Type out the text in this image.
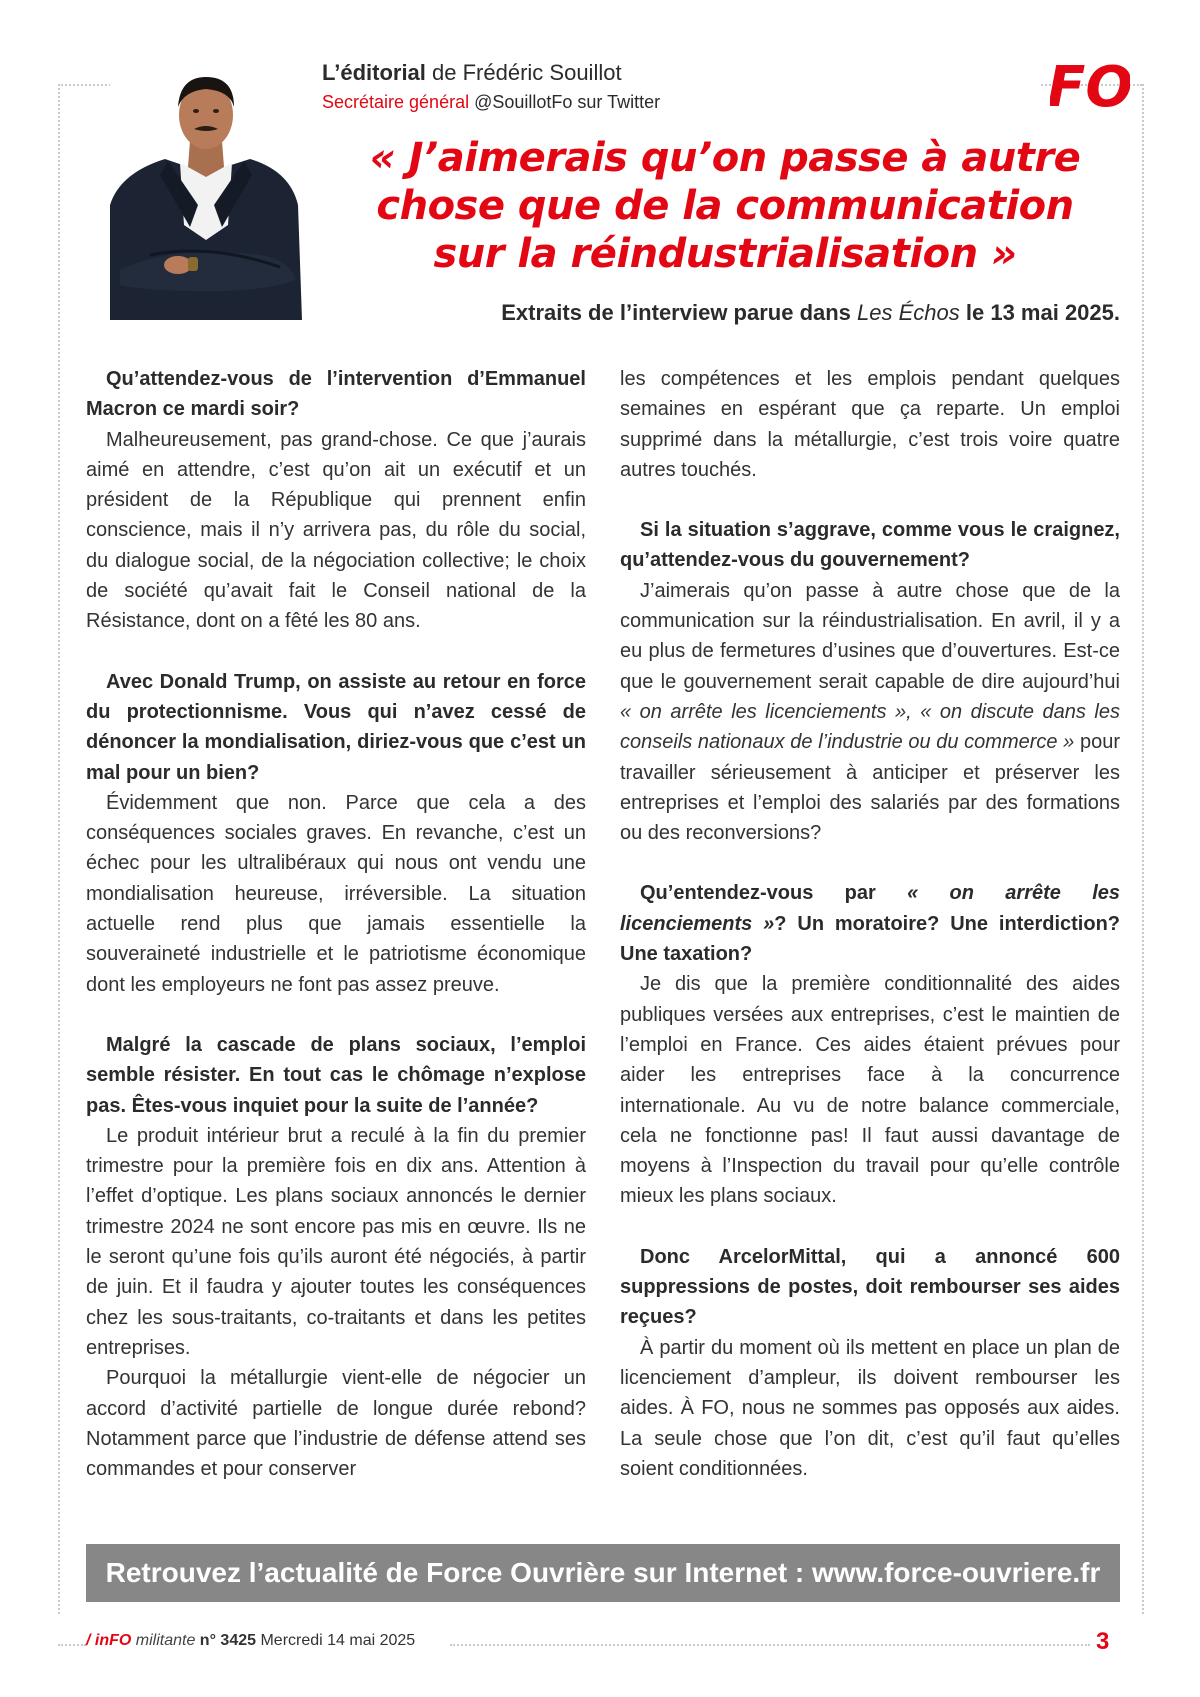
L’éditorial de Frédéric Souillot
Secrétaire général @SouillotFo sur Twitter	FO
« J’aimerais qu’on passe à autre
chose que de la communication
sur la réindustrialisation »
Extraits de l’interview parue dans Les Échos le 13 mai 2025.

Qu’attendez-vous de l’intervention d’Emmanuel Macron ce mardi soir?

Malheureusement, pas grand-chose. Ce que j’aurais aimé en attendre, c’est qu’on ait un exécutif et un président de la République qui prennent enfin conscience, mais il n’y arrivera pas, du rôle du social, du dialogue social, de la négociation collective; le choix de société qu’avait fait le Conseil national de la Résistance, dont on a fêté les 80 ans.

Avec Donald Trump, on assiste au retour en force du protectionnisme. Vous qui n’avez cessé de dénoncer la mondialisation, diriez-vous que c’est un mal pour un bien?

Évidemment que non. Parce que cela a des conséquences sociales graves. En revanche, c’est un échec pour les ultralibéraux qui nous ont vendu une mondialisation heureuse, irréversible. La situation actuelle rend plus que jamais essentielle la souveraineté industrielle et le patriotisme économique dont les employeurs ne font pas assez preuve.

Malgré la cascade de plans sociaux, l’emploi semble résister. En tout cas le chômage n’explose pas. Êtes-vous inquiet pour la suite de l’année?

Le produit intérieur brut a reculé à la fin du premier trimestre pour la première fois en dix ans. Attention à l’effet d’optique. Les plans sociaux annoncés le dernier trimestre 2024 ne sont encore pas mis en œuvre. Ils ne le seront qu’une fois qu’ils auront été négociés, à partir de juin. Et il faudra y ajouter toutes les conséquences chez les sous-traitants, co-traitants et dans les petites entreprises.

Pourquoi la métallurgie vient-elle de négocier un accord d’activité partielle de longue durée rebond? Notamment parce que l’industrie de défense attend ses commandes et pour conserver

les compétences et les emplois pendant quelques semaines en espérant que ça reparte. Un emploi supprimé dans la métallurgie, c’est trois voire quatre autres touchés.

Si la situation s’aggrave, comme vous le craignez, qu’attendez-vous du gouvernement?

J’aimerais qu’on passe à autre chose que de la communication sur la réindustrialisation. En avril, il y a eu plus de fermetures d’usines que d’ouvertures. Est-ce que le gouvernement serait capable de dire aujourd’hui « on arrête les licenciements », « on discute dans les conseils nationaux de l’industrie ou du commerce » pour travailler sérieusement à anticiper et préserver les entreprises et l’emploi des salariés par des formations ou des reconversions?

Qu’entendez-vous par « on arrête les licenciements »? Un moratoire? Une interdiction? Une taxation?

Je dis que la première conditionnalité des aides publiques versées aux entreprises, c’est le maintien de l’emploi en France. Ces aides étaient prévues pour aider les entreprises face à la concurrence internationale. Au vu de notre balance commerciale, cela ne fonctionne pas! Il faut aussi davantage de moyens à l’Inspection du travail pour qu’elle contrôle mieux les plans sociaux.

Donc ArcelorMittal, qui a annoncé 600 suppressions de postes, doit rembourser ses aides reçues?

À partir du moment où ils mettent en place un plan de licenciement d’ampleur, ils doivent rembourser les aides. À FO, nous ne sommes pas opposés aux aides. La seule chose que l’on dit, c’est qu’il faut qu’elles soient conditionnées.

Retrouvez l’actualité de Force Ouvrière sur Internet : www.force-ouvriere.fr
/ inFO militante n° 3425 Mercredi 14 mai 2025	3
